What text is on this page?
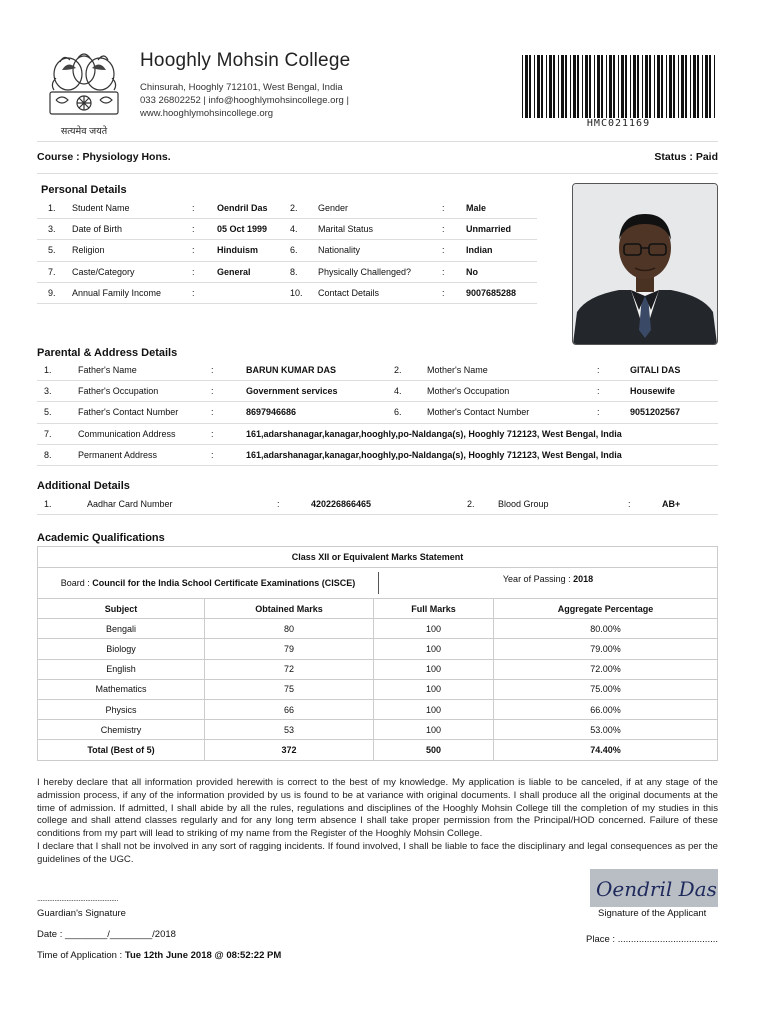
सत्यमेव जयते
Hooghly Mohsin College
Chinsurah, Hooghly 712101, West Bengal, India
033 26802252 | info@hooghlymohsincollege.org |
www.hooghlymohsincollege.org
HMC021169
Course : Physiology Hons.	Status : Paid
Personal Details
1.	Student Name	:	Oendril Das	2.	Gender	:	Male
3.	Date of Birth	:	05 Oct 1999	4.	Marital Status	:	Unmarried
5.	Religion	:	Hinduism	6.	Nationality	:	Indian
7.	Caste/Category	:	General	8.	Physically Challenged?	:	No
9.	Annual Family Income	:		10.	Contact Details	:	9007685288
Parental & Address Details
1.	Father's Name	:	BARUN KUMAR DAS	2.	Mother's Name	:	GITALI DAS
3.	Father's Occupation	:	Government services	4.	Mother's Occupation	:	Housewife
5.	Father's Contact Number	:	8697946686	6.	Mother's Contact Number	:	9051202567
7.	Communication Address	:	161,adarshanagar,kanagar,hooghly,po-Naldanga(s), Hooghly 712123, West Bengal, India				
8.	Permanent Address	:	161,adarshanagar,kanagar,hooghly,po-Naldanga(s), Hooghly 712123, West Bengal, India				
Additional Details
1.	Aadhar Card Number	:	420226866465	2.	Blood Group	:	AB+
Academic Qualifications
Class XII or Equivalent Marks Statement			

Board : Council for the India School Certificate Examinations (CISCE) Year of Passing : 2018			

Subject	Obtained Marks	Full Marks	Aggregate Percentage
Bengali	80	100	80.00%
Biology	79	100	79.00%
English	72	100	72.00%
Mathematics	75	100	75.00%
Physics	66	100	66.00%
Chemistry	53	100	53.00%
Total (Best of 5)	372	500	74.40%
I hereby declare that all information provided herewith is correct to the best of my knowledge. My application is liable to be canceled, if at any stage of the admission process, if any of the information provided by us is found to be at variance with original documents. I shall produce all the original documents at the time of admission. If admitted, I shall abide by all the rules, regulations and disciplines of the Hooghly Mohsin College till the completion of my studies in this college and shall attend classes regularly and for any long term absence I shall take proper permission from the Principal/HOD concerned. Failure of these conditions from my part will lead to striking of my name from the Register of the Hooghly Mohsin College.
I declare that I shall not be involved in any sort of ragging incidents. If found involved, I shall be liable to face the disciplinary and legal consequences as per the guidelines of the UGC.
...............................................
Guardian's Signature
Date : ________/________/2018
Time of Application : Tue 12th June 2018 @ 08:52:22 PM
Oendril Das
Signature of the Applicant
Place : ......................................
